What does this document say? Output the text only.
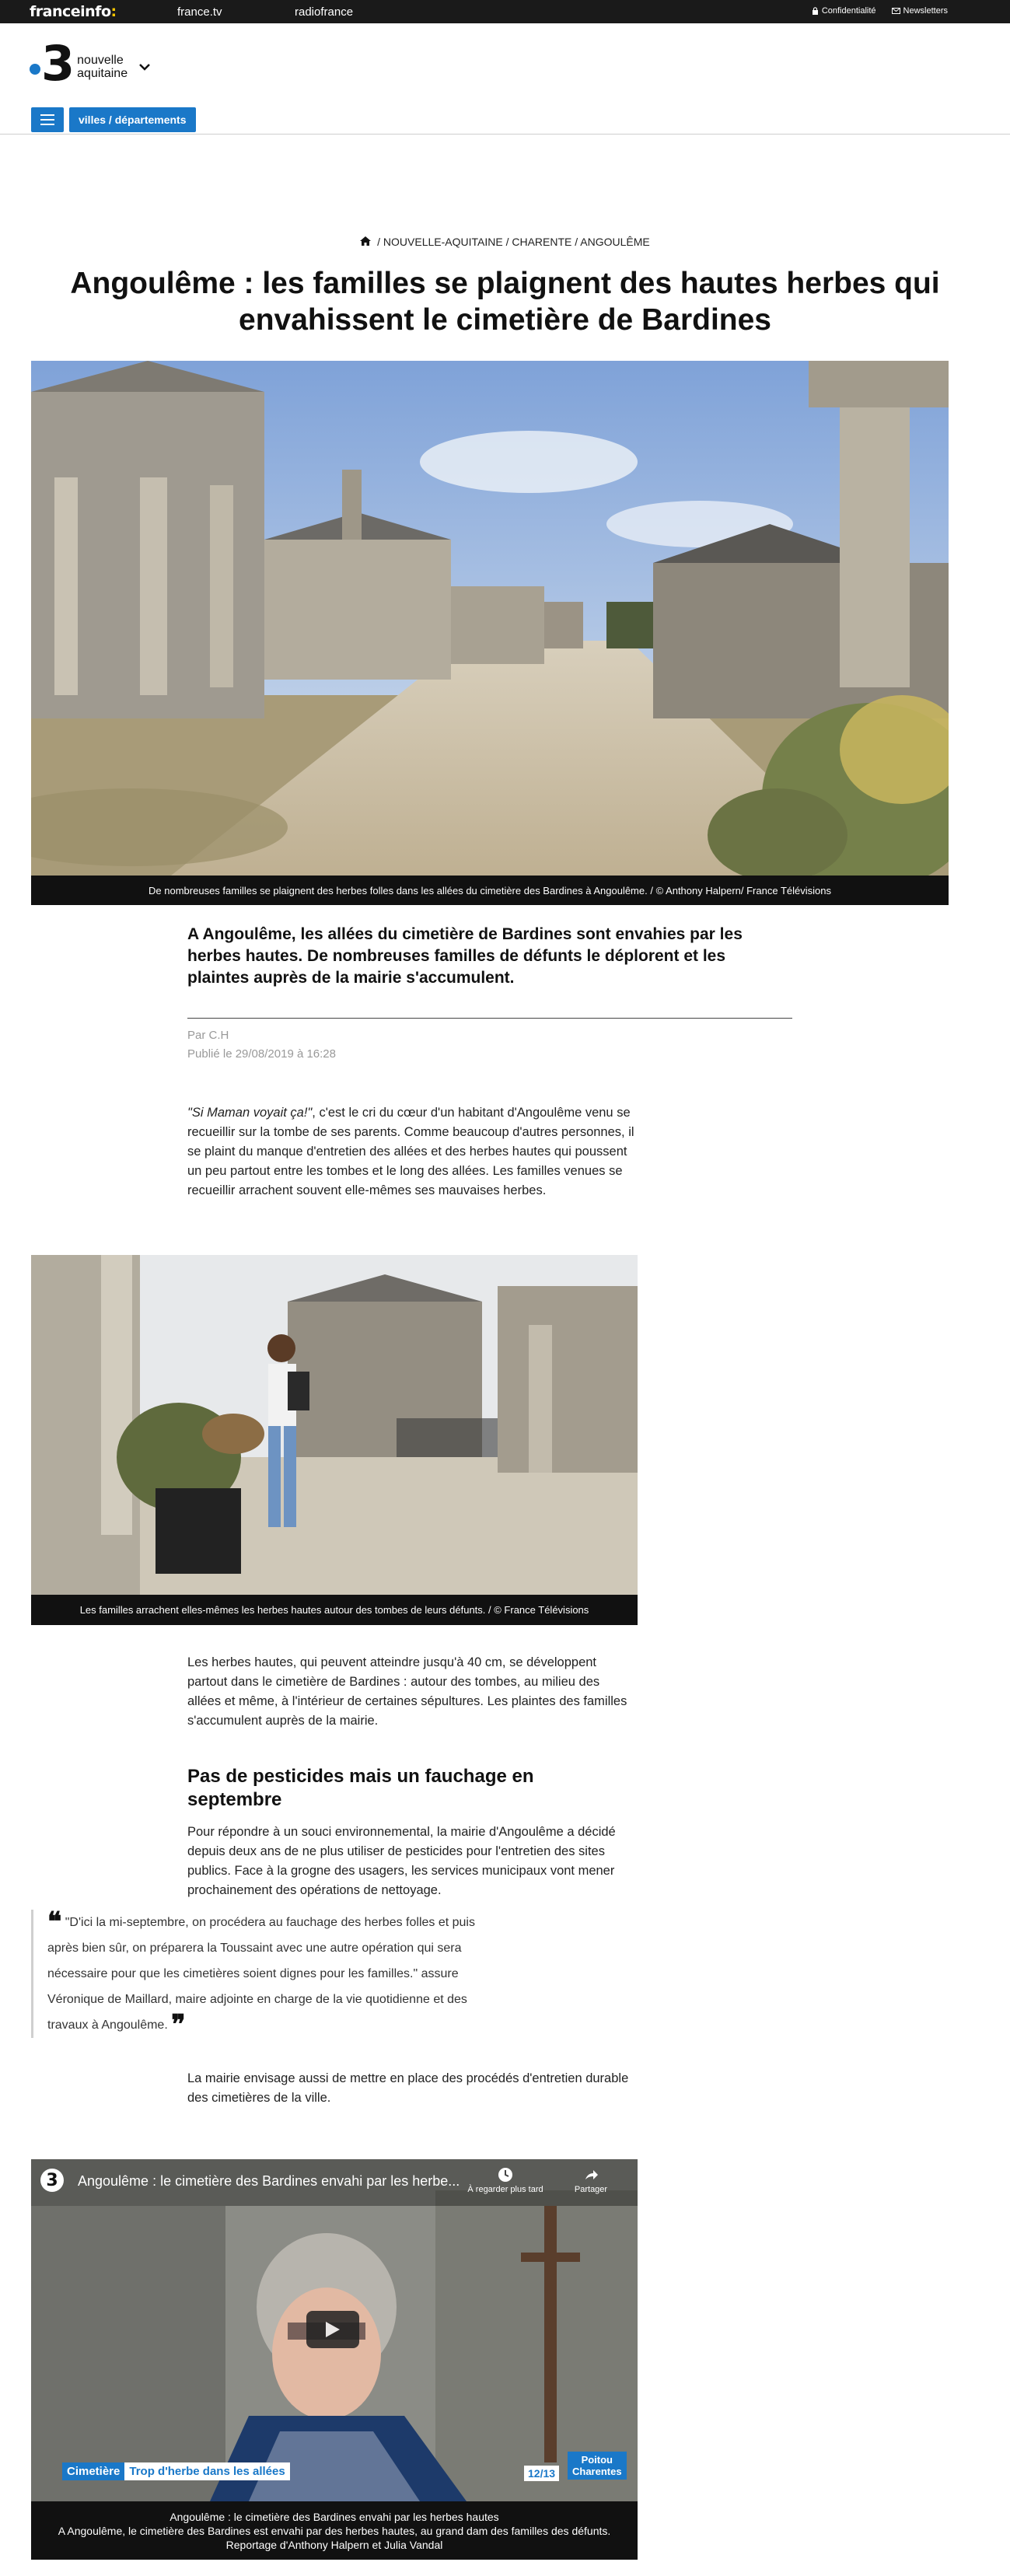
franceinfo:	france.tv	radiofrance	Confidentialité	Newsletters
3 nouvelle
aquitaine
villes / départements
/ NOUVELLE-AQUITAINE / CHARENTE / ANGOULÊME
Angoulême : les familles se plaignent des hautes herbes qui
envahissent le cimetière de Bardines
De nombreuses familles se plaignent des herbes folles dans les allées du cimetière des Bardines à Angoulême. / © Anthony Halpern/ France Télévisions

A Angoulême, les allées du cimetière de Bardines sont envahies par les herbes hautes. De nombreuses familles de défunts le déplorent et les plaintes auprès de la mairie s'accumulent.

Par C.H
Publié le 29/08/2019 à 16:28

"Si Maman voyait ça!", c'est le cri du cœur d'un habitant d'Angoulême venu se recueillir sur la tombe de ses parents. Comme beaucoup d'autres personnes, il se plaint du manque d'entretien des allées et des herbes hautes qui poussent un peu partout entre les tombes et le long des allées. Les familles venues se recueillir arrachent souvent elle-mêmes ses mauvaises herbes.

Les familles arrachent elles-mêmes les herbes hautes autour des tombes de leurs défunts. / © France Télévisions

Les herbes hautes, qui peuvent atteindre jusqu'à 40 cm, se développent partout dans le cimetière de Bardines : autour des tombes, au milieu des allées et même, à l'intérieur de certaines sépultures. Les plaintes des familles s'accumulent auprès de la mairie.

Pas de pesticides mais un fauchage en septembre

Pour répondre à un souci environnemental, la mairie d'Angoulême a décidé depuis deux ans de ne plus utiliser de pesticides pour l'entretien des sites publics. Face à la grogne des usagers, les services municipaux vont mener prochainement des opérations de nettoyage.

❝ "D'ici la mi-septembre, on procédera au fauchage des herbes folles et puis après bien sûr, on préparera la Toussaint avec une autre opération qui sera nécessaire pour que les cimetières soient dignes pour les familles." assure Véronique de Maillard, maire adjointe en charge de la vie quotidienne et des travaux à Angoulême. ❞

La mairie envisage aussi de mettre en place des procédés d'entretien durable des cimetières de la ville.

3	Angoulême : le cimetière des Bardines envahi par les herbe...
À regarder plus tard	Partager
Cimetière Trop d'herbe dans les allées	12/13
Poitou
Charentes
Angoulême : le cimetière des Bardines envahi par les herbes hautes
A Angoulême, le cimetière des Bardines est envahi par des herbes hautes, au grand dam des familles des défunts.
Reportage d'Anthony Halpern et Julia Vandal
